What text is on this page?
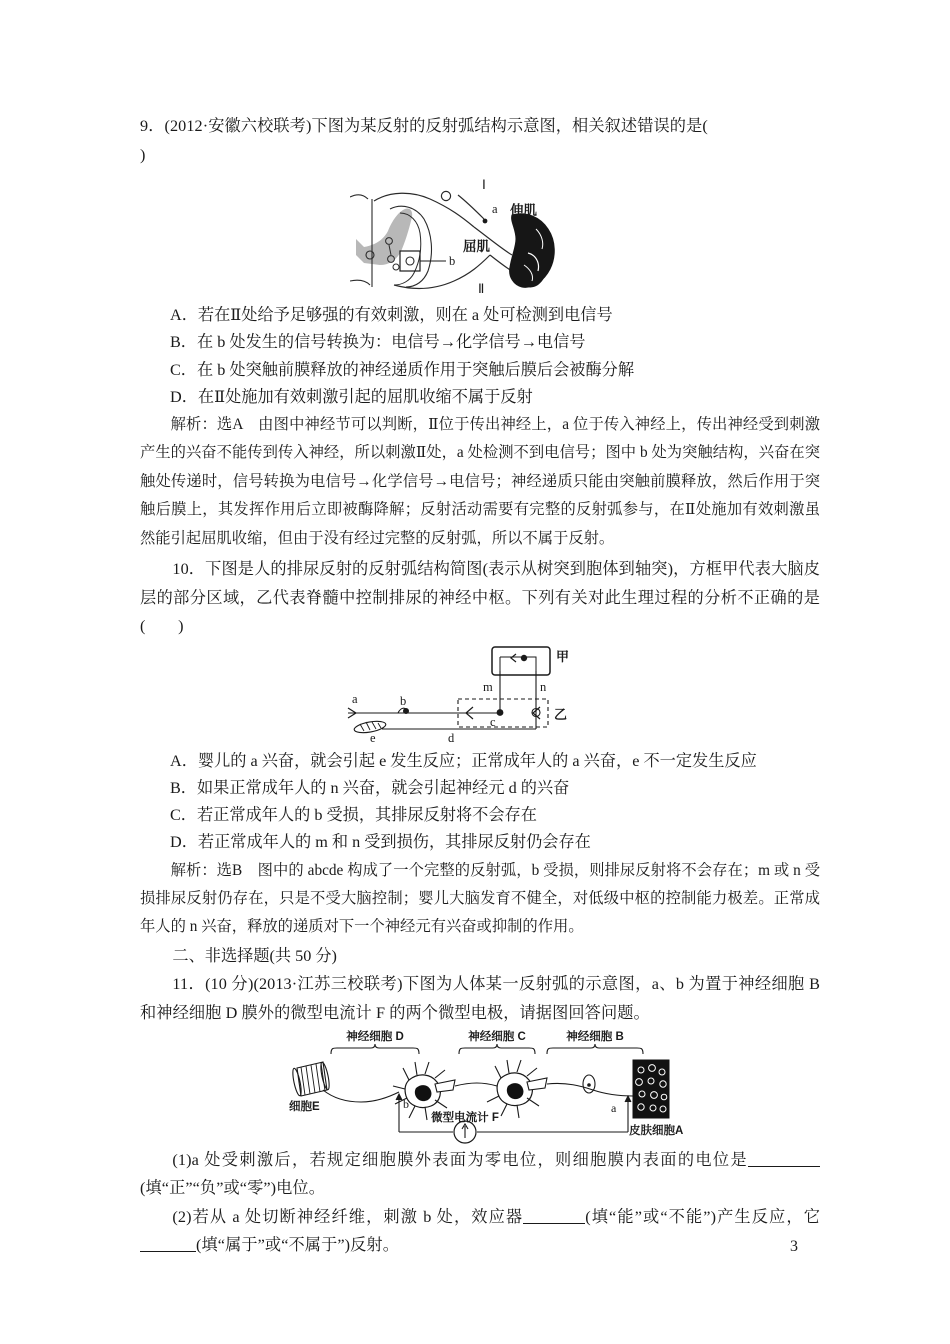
9．(2012·安徽六校联考)下图为某反射的反射弧结构示意图，相关叙述错误的是(
)

Ⅰ
a
b
伸肌
屈肌
Ⅱ

A．若在Ⅱ处给予足够强的有效刺激，则在 a 处可检测到电信号

B．在 b 处发生的信号转换为：电信号→化学信号→电信号

C．在 b 处突触前膜释放的神经递质作用于突触后膜后会被酶分解

D．在Ⅱ处施加有效刺激引起的屈肌收缩不属于反射

解析：选A　由图中神经节可以判断，Ⅱ位于传出神经上，a 位于传入神经上，传出神经受到刺激产生的兴奋不能传到传入神经，所以刺激Ⅱ处，a 处检测不到电信号；图中 b 处为突触结构，兴奋在突触处传递时，信号转换为电信号→化学信号→电信号；神经递质只能由突触前膜释放，然后作用于突触后膜上，其发挥作用后立即被酶降解；反射活动需要有完整的反射弧参与，在Ⅱ处施加有效刺激虽然能引起屈肌收缩，但由于没有经过完整的反射弧，所以不属于反射。

10．下图是人的排尿反射的反射弧结构简图(表示从树突到胞体到轴突)，方框甲代表大脑皮层的部分区域，乙代表脊髓中控制排尿的神经中枢。下列有关对此生理过程的分析不正确的是(　　)

甲
乙
m	n
a	b
c
d
e

A．婴儿的 a 兴奋，就会引起 e 发生反应；正常成年人的 a 兴奋，e 不一定发生反应

B．如果正常成年人的 n 兴奋，就会引起神经元 d 的兴奋

C．若正常成年人的 b 受损，其排尿反射将不会存在

D．若正常成年人的 m 和 n 受到损伤，其排尿反射仍会存在

解析：选B　图中的 abcde 构成了一个完整的反射弧，b 受损，则排尿反射将不会存在；m 或 n 受损排尿反射仍存在，只是不受大脑控制；婴儿大脑发育不健全，对低级中枢的控制能力极差。正常成年人的 n 兴奋，释放的递质对下一个神经元有兴奋或抑制的作用。

二、非选择题(共 50 分)

11．(10 分)(2013·江苏三校联考)下图为人体某一反射弧的示意图，a、b 为置于神经细胞 B 和神经细胞 D 膜外的微型电流计 F 的两个微型电极，请据图回答问题。

神经细胞 D	神经细胞 C	神经细胞 B
细胞E
皮肤细胞A
b	a
微型电流计 F

(1)a 处受刺激后，若规定细胞膜外表面为零电位，则细胞膜内表面的电位是(填“正”“负”或“零”)电位。

(2)若从 a 处切断神经纤维，刺激 b 处，效应器	(填“能”或“不能”)产生反应，它(填“属于”或“不属于”)反射。	3
